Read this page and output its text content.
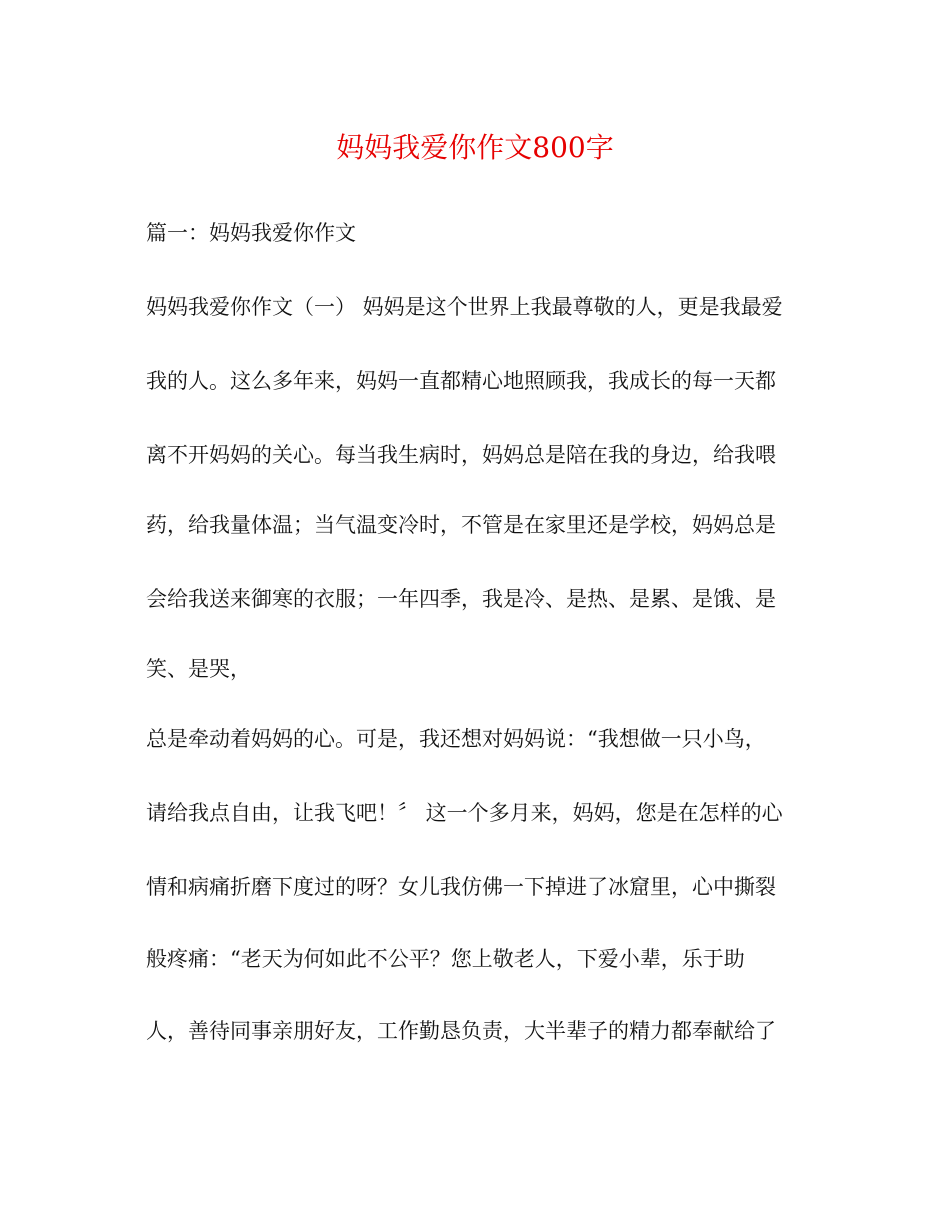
妈妈我爱你作文800字

篇一：妈妈我爱你作文

妈妈我爱你作文（一） 妈妈是这个世界上我最尊敬的人，更是我最爱

我的人。这么多年来，妈妈一直都精心地照顾我，我成长的每一天都

离不开妈妈的关心。每当我生病时，妈妈总是陪在我的身边，给我喂

药，给我量体温；当气温变冷时，不管是在家里还是学校，妈妈总是

会给我送来御寒的衣服；一年四季，我是冷、是热、是累、是饿、是

笑、是哭，

总是牵动着妈妈的心。可是，我还想对妈妈说：“我想做一只小鸟，

请给我点自由，让我飞吧！〞 这一个多月来，妈妈，您是在怎样的心

情和病痛折磨下度过的呀？女儿我仿佛一下掉进了冰窟里，心中撕裂

般疼痛：“老天为何如此不公平？您上敬老人，下爱小辈，乐于助

人，善待同事亲朋好友，工作勤恳负责，大半辈子的精力都奉献给了
